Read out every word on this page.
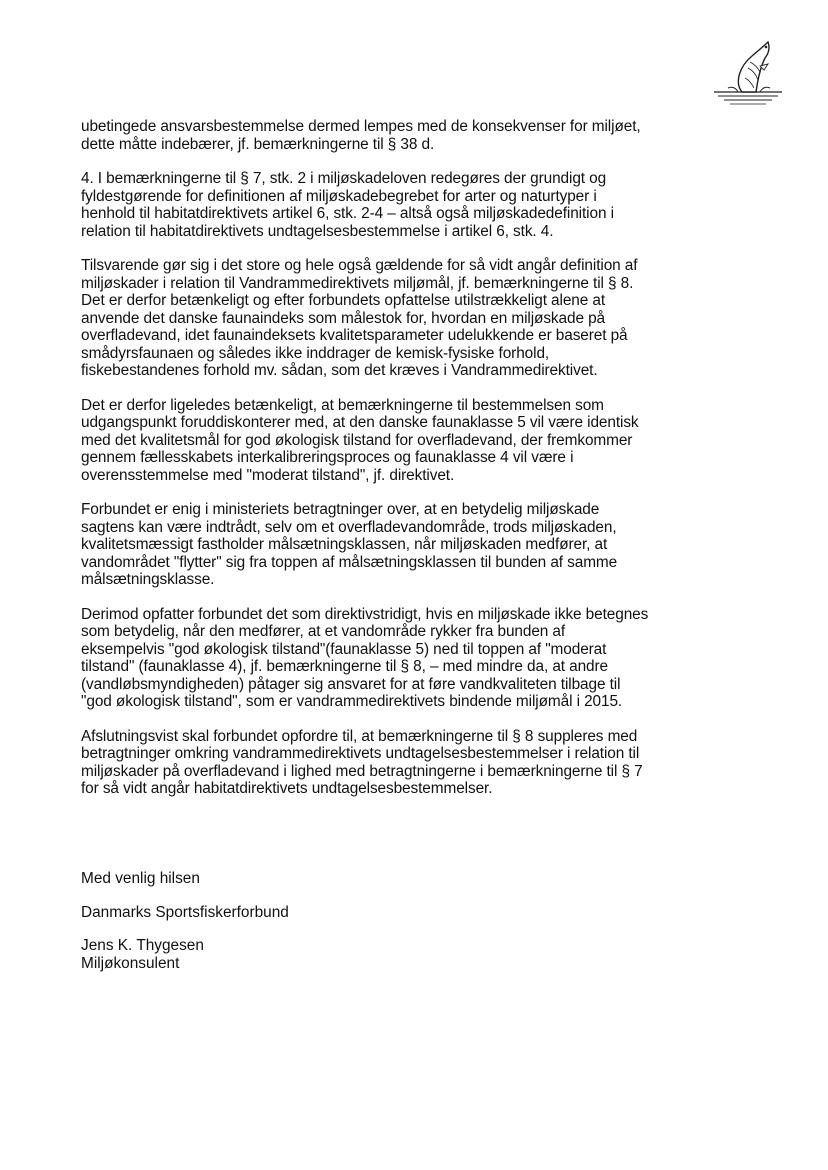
ubetingede ansvarsbestemmelse dermed lempes med de konsekvenser for miljøet,
dette måtte indebærer, jf. bemærkningerne til § 38 d.

4. I bemærkningerne til § 7, stk. 2 i miljøskadeloven redegøres der grundigt og
fyldestgørende for definitionen af miljøskadebegrebet for arter og naturtyper i
henhold til habitatdirektivets artikel 6, stk. 2-4 – altså også miljøskadedefinition i
relation til habitatdirektivets undtagelsesbestemmelse i artikel 6, stk. 4.

Tilsvarende gør sig i det store og hele også gældende for så vidt angår definition af
miljøskader i relation til Vandrammedirektivets miljømål, jf. bemærkningerne til § 8.
Det er derfor betænkeligt og efter forbundets opfattelse utilstrækkeligt alene at
anvende det danske faunaindeks som målestok for, hvordan en miljøskade på
overfladevand, idet faunaindeksets kvalitetsparameter udelukkende er baseret på
smådyrsfaunaen og således ikke inddrager de kemisk-fysiske forhold,
fiskebestandenes forhold mv. sådan, som det kræves i Vandrammedirektivet.

Det er derfor ligeledes betænkeligt, at bemærkningerne til bestemmelsen som
udgangspunkt foruddiskonterer med, at den danske faunaklasse 5 vil være identisk
med det kvalitetsmål for god økologisk tilstand for overfladevand, der fremkommer
gennem fællesskabets interkalibreringsproces og faunaklasse 4 vil være i
overensstemmelse med "moderat tilstand", jf. direktivet.

Forbundet er enig i ministeriets betragtninger over, at en betydelig miljøskade
sagtens kan være indtrådt, selv om et overfladevandområde, trods miljøskaden,
kvalitetsmæssigt fastholder målsætningsklassen, når miljøskaden medfører, at
vandområdet "flytter" sig fra toppen af målsætningsklassen til bunden af samme
målsætningsklasse.

Derimod opfatter forbundet det som direktivstridigt, hvis en miljøskade ikke betegnes
som betydelig, når den medfører, at et vandområde rykker fra bunden af
eksempelvis "god økologisk tilstand"(faunaklasse 5) ned til toppen af "moderat
tilstand" (faunaklasse 4), jf. bemærkningerne til § 8, – med mindre da, at andre
(vandløbsmyndigheden) påtager sig ansvaret for at føre vandkvaliteten tilbage til
"god økologisk tilstand", som er vandrammedirektivets bindende miljømål i 2015.

Afslutningsvist skal forbundet opfordre til, at bemærkningerne til § 8 suppleres med
betragtninger omkring vandrammedirektivets undtagelsesbestemmelser i relation til
miljøskader på overfladevand i lighed med betragtningerne i bemærkningerne til § 7
for så vidt angår habitatdirektivets undtagelsesbestemmelser.

Med venlig hilsen

Danmarks Sportsfiskerforbund

Jens K. Thygesen

Miljøkonsulent
